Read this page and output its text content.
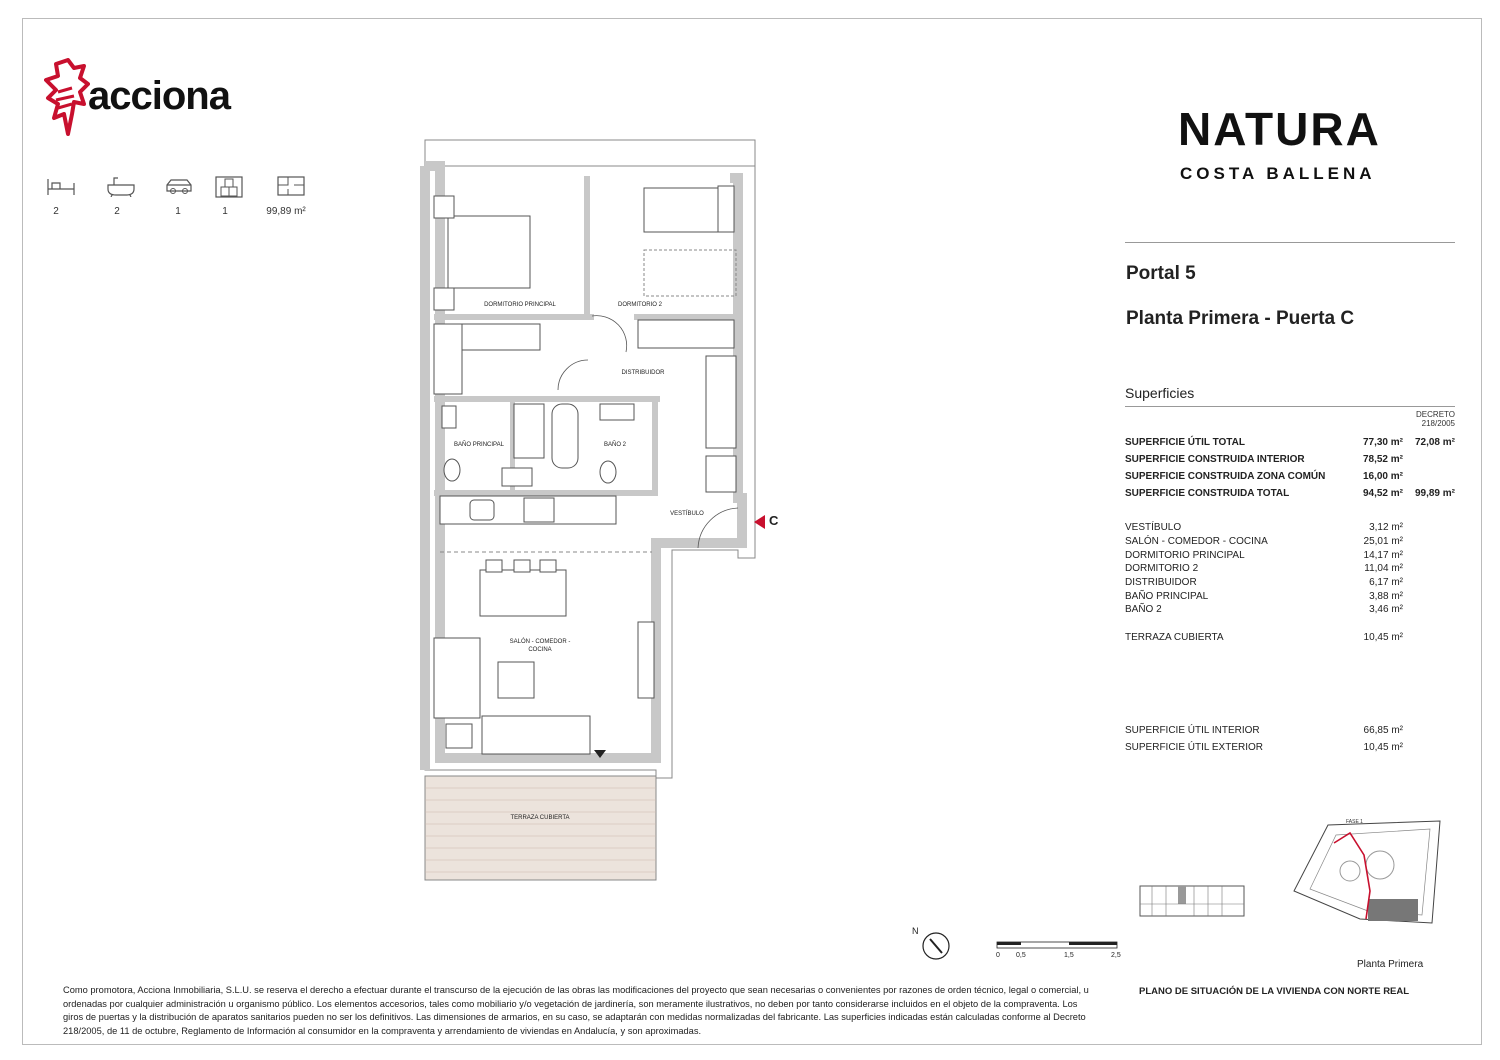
acciona
2	2	1	1	99,89 m²
DORMITORIO PRINCIPAL	DORMITORIO 2
DISTRIBUIDOR
BAÑO PRINCIPAL	BAÑO 2
VESTÍBULO
SALÓN - COMEDOR -
COCINA
TERRAZA CUBIERTA
C
NATURA
COSTA BALLENA
Portal 5
Planta Primera - Puerta C
Superficies
DECRETO 218/2005
SUPERFICIE ÚTIL TOTAL	77,30 m² 72,08 m²
SUPERFICIE CONSTRUIDA INTERIOR	78,52 m²
SUPERFICIE CONSTRUIDA ZONA COMÚN	16,00 m²
SUPERFICIE CONSTRUIDA TOTAL	94,52 m² 99,89 m²
VESTÍBULO	3,12 m²
SALÓN - COMEDOR - COCINA	25,01 m²
DORMITORIO PRINCIPAL	14,17 m²
DORMITORIO 2	11,04 m²
DISTRIBUIDOR	6,17 m²
BAÑO PRINCIPAL	3,88 m²
BAÑO 2	3,46 m²
TERRAZA CUBIERTA	10,45 m²
SUPERFICIE ÚTIL INTERIOR	66,85 m²
SUPERFICIE ÚTIL EXTERIOR	10,45 m²
FASE 1
N
0 0,5	1,5	2,5
Planta Primera
PLANO DE SITUACIÓN DE LA VIVIENDA CON NORTE REAL
Como promotora, Acciona Inmobiliaria, S.L.U. se reserva el derecho a efectuar durante el transcurso de la ejecución de las obras las modificaciones del proyecto que sean necesarias o convenientes por razones de orden técnico, legal o comercial, u ordenadas por cualquier administración u organismo público. Los elementos accesorios, tales como mobiliario y/o vegetación de jardinería, son meramente ilustrativos, no deben por tanto considerarse incluidos en el objeto de la compraventa. Los giros de puertas y la distribución de aparatos sanitarios pueden no ser los definitivos. Las dimensiones de armarios, en su caso, se adaptarán con medidas normalizadas del fabricante. Las superficies indicadas están calculadas conforme al Decreto 218/2005, de 11 de octubre, Reglamento de Información al consumidor en la compraventa y arrendamiento de viviendas en Andalucía, y son aproximadas.
